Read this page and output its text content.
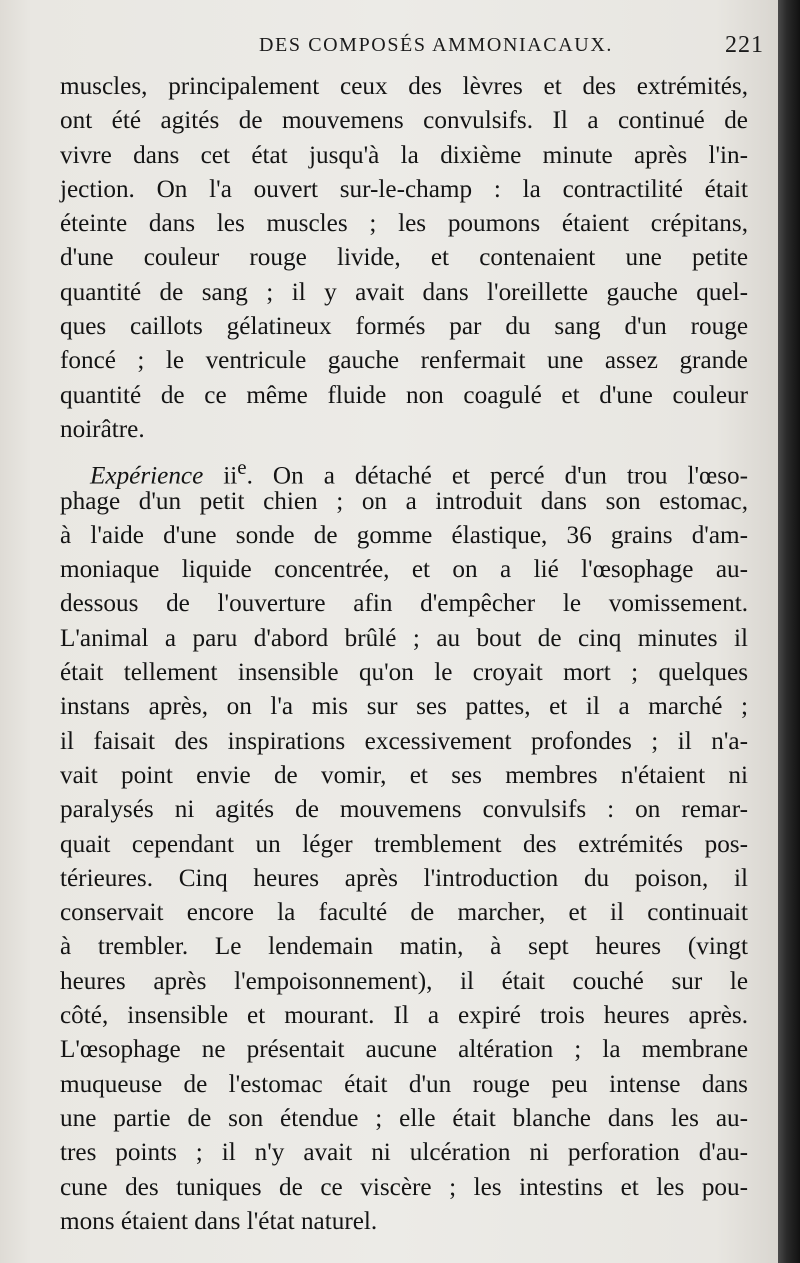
DES COMPOSÉS AMMONIACAUX.	221
muscles, principalement ceux des lèvres et des extrémités,
ont été agités de mouvemens convulsifs. Il a continué de
vivre dans cet état jusqu'à la dixième minute après l'in-
jection. On l'a ouvert sur-le-champ : la contractilité était
éteinte dans les muscles ; les poumons étaient crépitans,
d'une couleur rouge livide, et contenaient une petite
quantité de sang ; il y avait dans l'oreillette gauche quel-
ques caillots gélatineux formés par du sang d'un rouge
foncé ; le ventricule gauche renfermait une assez grande
quantité de ce même fluide non coagulé et d'une couleur
noirâtre.
Expérience $ii^e$. On a détaché et percé d'un trou l'œso-
phage d'un petit chien ; on a introduit dans son estomac,
à l'aide d'une sonde de gomme élastique, 36 grains d'am-
moniaque liquide concentrée, et on a lié l'œsophage au-
dessous de l'ouverture afin d'empêcher le vomissement.
L'animal a paru d'abord brûlé ; au bout de cinq minutes il
était tellement insensible qu'on le croyait mort ; quelques
instans après, on l'a mis sur ses pattes, et il a marché ;
il faisait des inspirations excessivement profondes ; il n'a-
vait point envie de vomir, et ses membres n'étaient ni
paralysés ni agités de mouvemens convulsifs : on remar-
quait cependant un léger tremblement des extrémités pos-
térieures. Cinq heures après l'introduction du poison, il
conservait encore la faculté de marcher, et il continuait
à trembler. Le lendemain matin, à sept heures (vingt
heures après l'empoisonnement), il était couché sur le
côté, insensible et mourant. Il a expiré trois heures après.
L'œsophage ne présentait aucune altération ; la membrane
muqueuse de l'estomac était d'un rouge peu intense dans
une partie de son étendue ; elle était blanche dans les au-
tres points ; il n'y avait ni ulcération ni perforation d'au-
cune des tuniques de ce viscère ; les intestins et les pou-
mons étaient dans l'état naturel.
